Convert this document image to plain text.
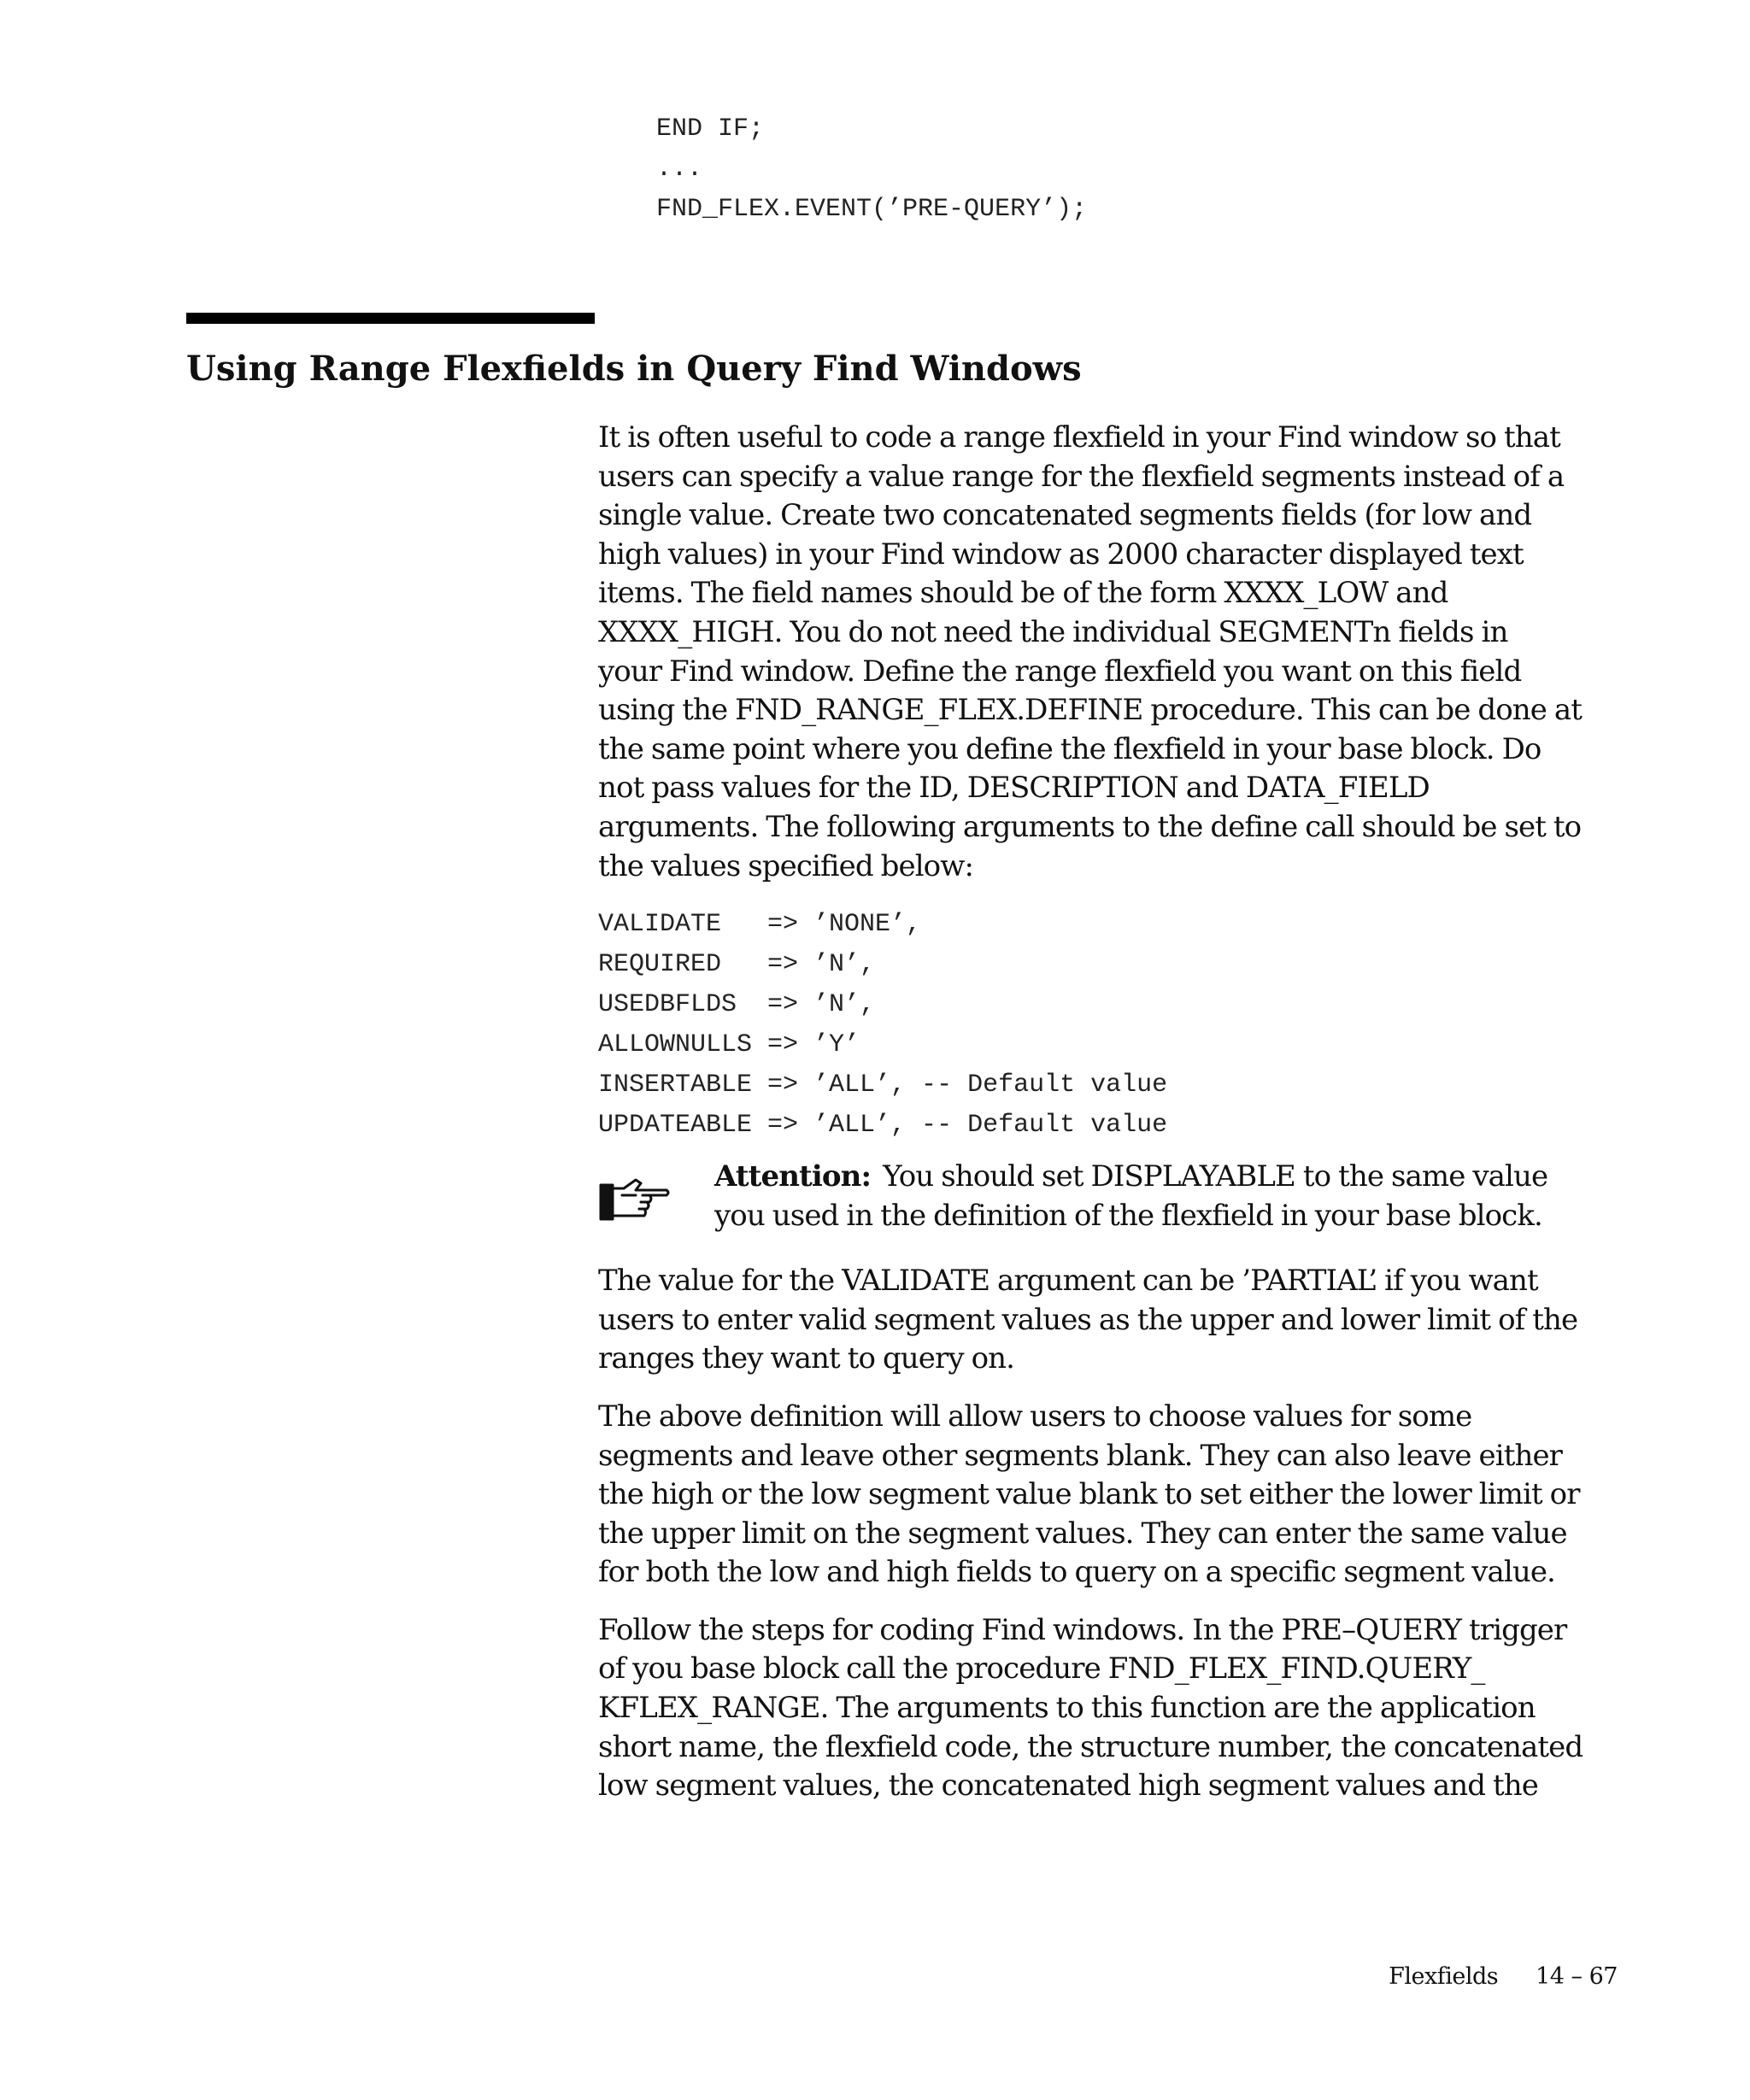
END IF;
...
FND_FLEX.EVENT(’PRE-QUERY’);
Using Range Flexfields in Query Find Windows

It is often useful to code a range flexfield in your Find window so that
users can specify a value range for the flexfield segments instead of a
single value. Create two concatenated segments fields (for low and
high values) in your Find window as 2000 character displayed text
items. The field names should be of the form XXXX_LOW and
XXXX_HIGH. You do not need the individual SEGMENTn fields in
your Find window. Define the range flexfield you want on this field
using the FND_RANGE_FLEX.DEFINE procedure. This can be done at
the same point where you define the flexfield in your base block. Do
not pass values for the ID, DESCRIPTION and DATA_FIELD
arguments. The following arguments to the define call should be set to
the values specified below:

VALIDATE   => ’NONE’,
REQUIRED   => ’N’,
USEDBFLDS  => ’N’,
ALLOWNULLS => ’Y’
INSERTABLE => ’ALL’, -- Default value
UPDATEABLE => ’ALL’, -- Default value
Attention: You should set DISPLAYABLE to the same value
you used in the definition of the flexfield in your base block.

The value for the VALIDATE argument can be ’PARTIAL’ if you want
users to enter valid segment values as the upper and lower limit of the
ranges they want to query on.

The above definition will allow users to choose values for some
segments and leave other segments blank. They can also leave either
the high or the low segment value blank to set either the lower limit or
the upper limit on the segment values. They can enter the same value
for both the low and high fields to query on a specific segment value.

Follow the steps for coding Find windows. In the PRE–QUERY trigger
of you base block call the procedure FND_FLEX_FIND.QUERY_
KFLEX_RANGE. The arguments to this function are the application
short name, the flexfield code, the structure number, the concatenated
low segment values, the concatenated high segment values and the

Flexfields 14 – 67
